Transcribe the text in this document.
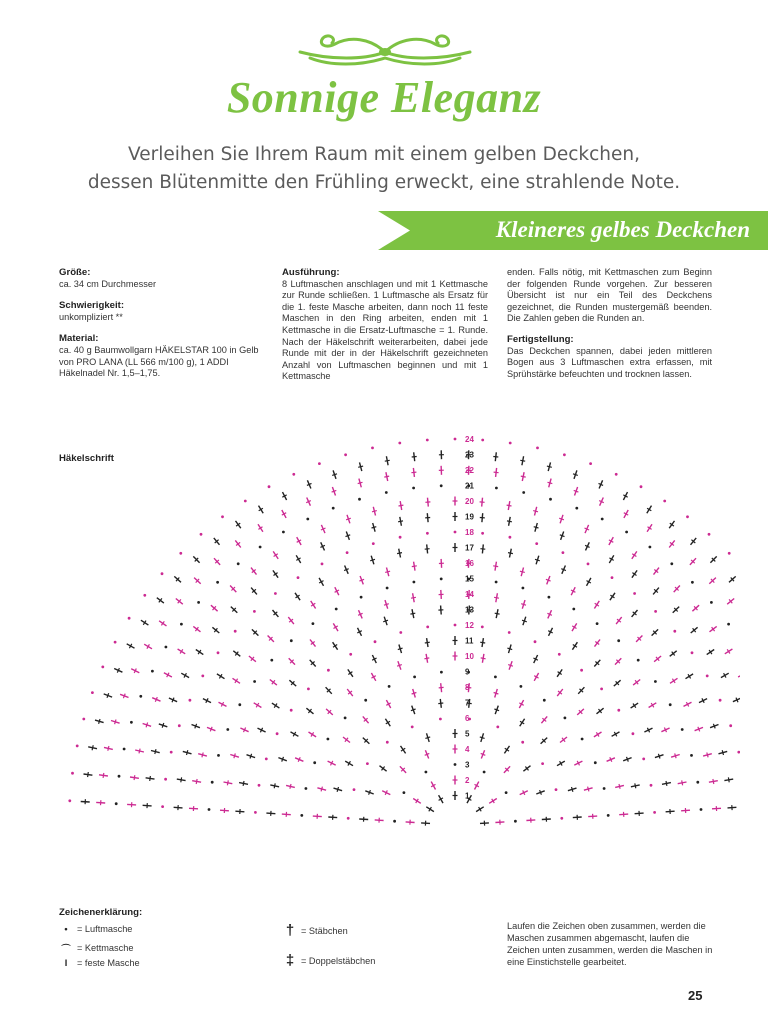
Sonnige Eleganz
Verleihen Sie Ihrem Raum mit einem gelben Deckchen,
dessen Blütenmitte den Frühling erweckt, eine strahlende Note.
Kleineres gelbes Deckchen
Größe:

ca. 34 cm Durchmesser

Schwierigkeit:

unkompliziert **

Material:

ca. 40 g Baumwollgarn HÄKELSTAR 100 in Gelb von PRO LANA (LL 566 m/100 g), 1 ADDI Häkelnadel Nr. 1,5–1,75.

Ausführung:

8 Luftmaschen anschlagen und mit 1 Kettmasche zur Runde schließen. 1 Luftmasche als Ersatz für die 1. feste Masche arbeiten, dann noch 11 feste Maschen in den Ring arbeiten, enden mit 1 Kettmasche in die Ersatz-Luftmasche = 1. Runde. Nach der Häkelschrift weiterarbeiten, dabei jede Runde mit der in der Häkelschrift gezeichneten Anzahl von Luftmaschen beginnen und mit 1 Kettmasche

enden. Falls nötig, mit Kettmaschen zum Beginn der folgenden Runde vorgehen. Zur besseren Übersicht ist nur ein Teil des Deckchens gezeichnet, die Runden mustergemäß beenden. Die Zahlen geben die Runden an.

Fertigstellung:

Das Deckchen spannen, dabei jeden mittleren Bogen aus 3 Luftmaschen extra erfassen, mit Sprühstärke befeuchten und trocknen lassen.

1
2
3
4
5
6
7
8
9
10
11
12
13
14
15
16
17
18
19
20
21
22
23
24
Häkelschrift
Zeichenerklärung:
•	= Luftmasche
⌒ = Kettmasche
I	= feste Masche
† = Stäbchen
‡ = Doppelstäbchen
Laufen die Zeichen oben zusammen, werden die Maschen zusammen abgemascht, laufen die Zeichen unten zusammen, werden die Maschen in eine Einstichstelle gearbeitet.
25
